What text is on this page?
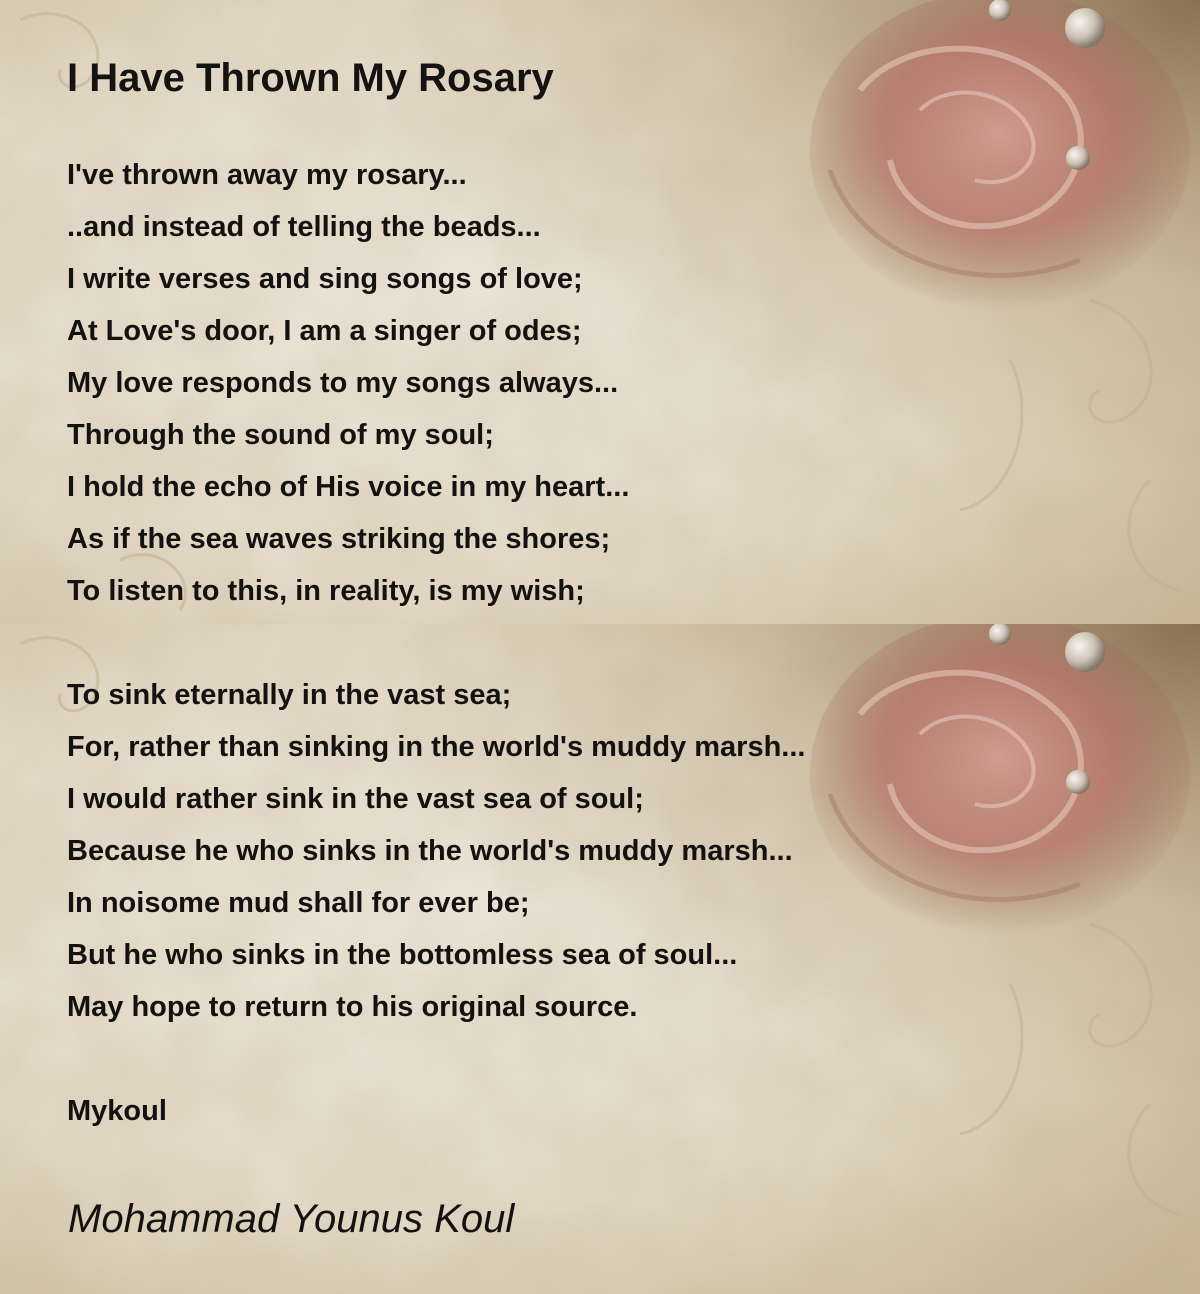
I Have Thrown My Rosary
I've thrown away my rosary...
..and instead of telling the beads...
I write verses and sing songs of love;
At Love's door, I am a singer of odes;
My love responds to my songs always...
Through the sound of my soul;
I hold the echo of His voice in my heart...
As if the sea waves striking the shores;
To listen to this, in reality, is my wish;
To sink eternally in the vast sea;
For, rather than sinking in the world's muddy marsh...
I would rather sink in the vast sea of soul;
Because he who sinks in the world's muddy marsh...
In noisome mud shall for ever be;
But he who sinks in the bottomless sea of soul...
May hope to return to his original source.
Mykoul
Mohammad Younus Koul
